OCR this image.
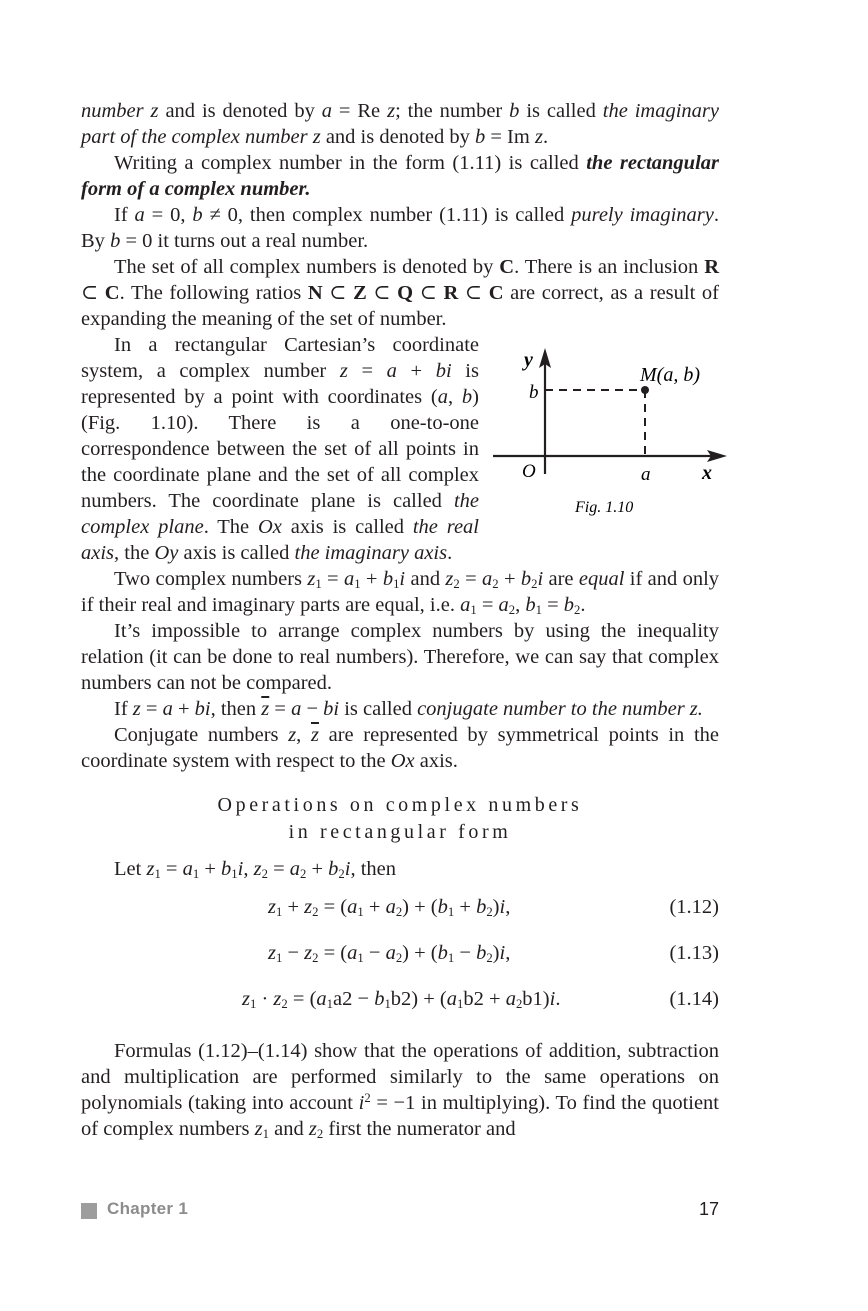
number z and is denoted by a = Re z; the number b is called the imaginary part of the complex number z and is denoted by b = Im z.

Writing a complex number in the form (1.11) is called the rectangular form of a complex number.

If a = 0, b ≠ 0, then complex number (1.11) is called purely imaginary. By b = 0 it turns out a real number.

The set of all complex numbers is denoted by C. There is an inclusion R ⊂ C. The following ratios N ⊂ Z ⊂ Q ⊂ R ⊂ C are correct, as a result of expanding the meaning of the set of number.

y
b
M(a, b)
O	a	x
Fig. 1.10

In a rectangular Cartesian’s coordinate system, a complex number z = a + bi is represented by a point with coordinates (a, b) (Fig. 1.10). There is a one-to-one correspondence between the set of all points in the coordinate plane and the set of all complex numbers. The coordinate plane is called the complex plane. The Ox axis is called the real axis, the Oy axis is called the imaginary axis.

Two complex numbers $z_1 = a_1 + b_1i$ and $z_2 = a_2 + b_2i$ are equal if and only if their real and imaginary parts are equal, i.e. $a_1 = a_2$, $b_1 = b_2$.

It’s impossible to arrange complex numbers by using the inequality relation (it can be done to real numbers). Therefore, we can say that complex numbers can not be compared.

If z = a + bi, then $\overline{z} = a$ − bi is called conjugate number to the number z.

Conjugate numbers z, $\overline{z}$ are represented by symmetrical points in the coordinate system with respect to the Ox axis.

Operations on complex numbers
in rectangular form

Let $z_1 = a_1 + b_1i$, $z_2 = a_2 + b_2i$, then

$z_1 + z_2 = (a_1 + a_2) + (b_1 + b_2)i$,	(1.12)
$z_1 - z_2 = (a_1 - a_2) + (b_1 - b_2)i$,	(1.13)
$z_1 \cdot z_2 = (a_1a2 - b_1b2) + (a_1b2 + a_2b1)i$.	(1.14)

Formulas (1.12)–(1.14) show that the operations of addition, subtraction and multiplication are performed similarly to the same operations on polynomials (taking into account $i^2 = -1$ in multiplying). To find the quotient of complex numbers $z_1$ and $z_2$ first the numerator and

Chapter 1	17
